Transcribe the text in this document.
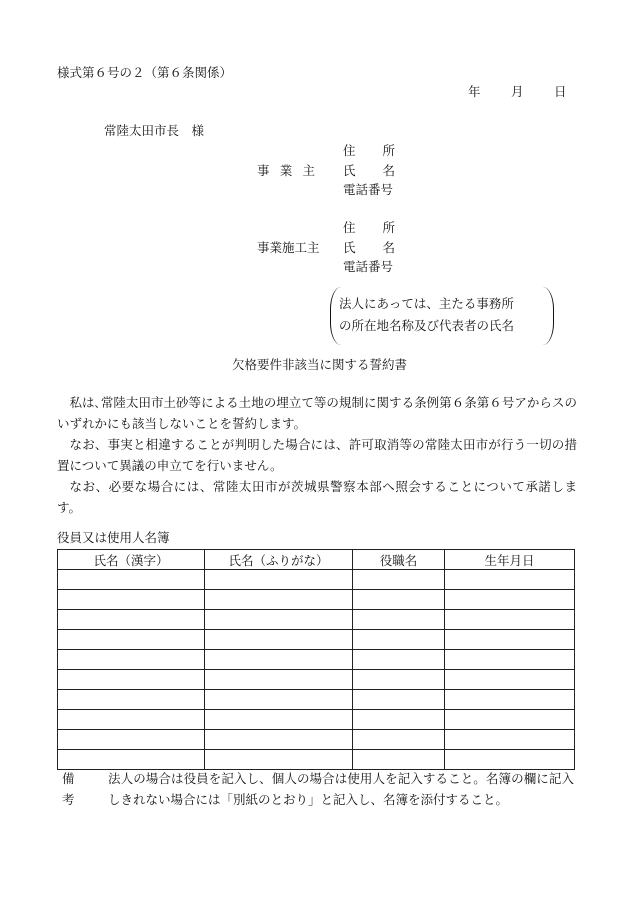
様式第６号の２（第６条関係）
年 月 日
常陸太田市長　様
住所
事業主 氏名
電話番号
住所
事業施工主 氏名
電話番号
法人にあっては、主たる事務所
の所在地名称及び代表者の氏名
欠格要件非該当に関する誓約書

私は､常陸太田市土砂等による土地の埋立て等の規制に関する条例第６条第６号アからスのいずれかにも該当しないことを誓約します。

なお、事実と相違することが判明した場合には、許可取消等の常陸太田市が行う一切の措置について異議の申立てを行いません。

なお、必要な場合には、常陸太田市が茨城県警察本部へ照会することについて承諾します。

役員又は使用人名簿
氏名（漢字）	氏名（ふりがな）	役職名	生年月日

備考
法人の場合は役員を記入し、個人の場合は使用人を記入すること。名簿の欄に記入しきれない場合には「別紙のとおり」と記入し、名簿を添付すること。
